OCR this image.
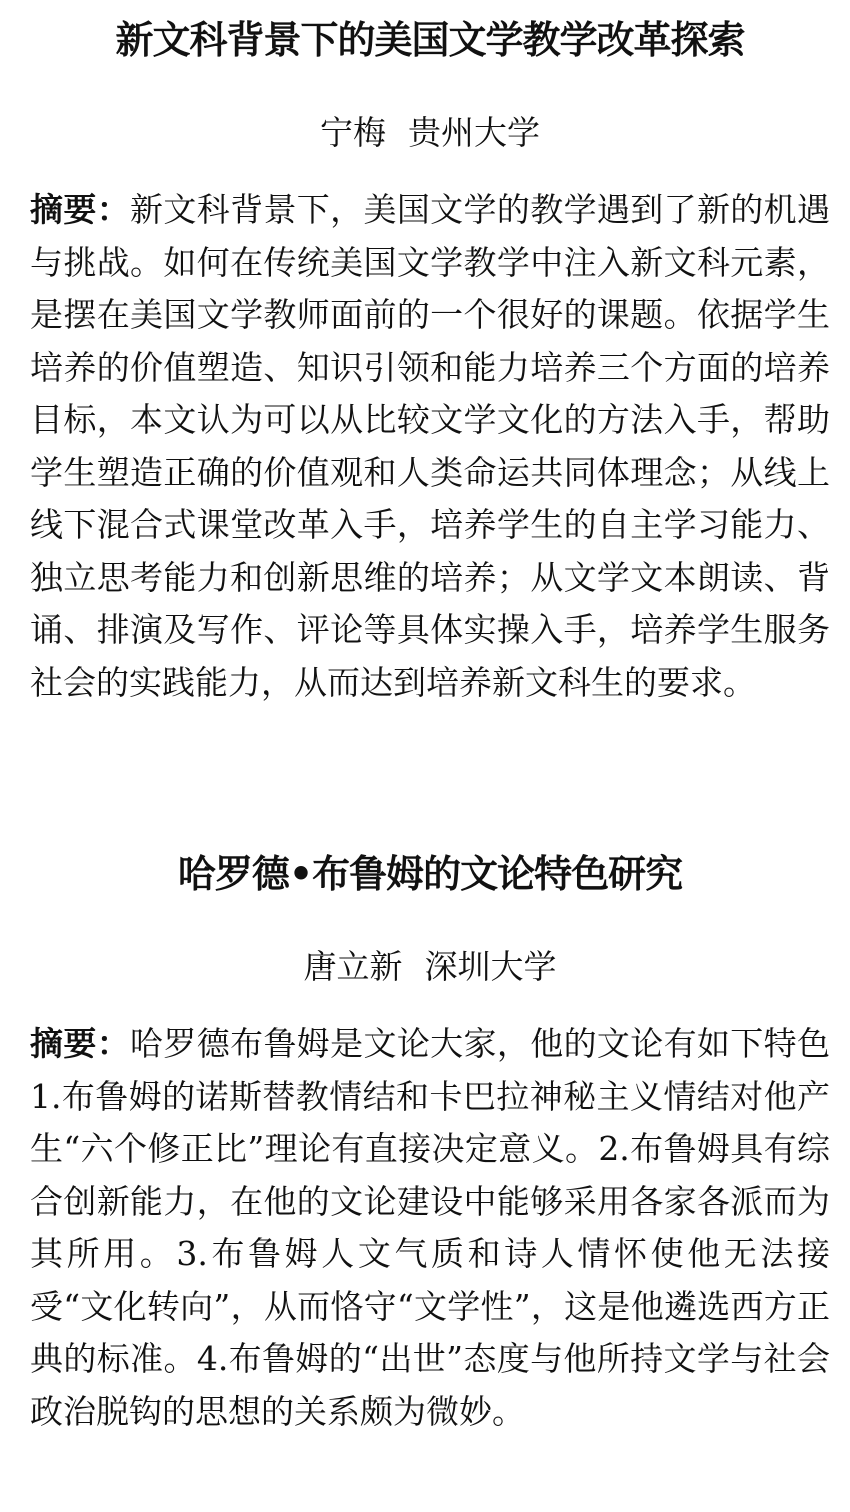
新文科背景下的美国文学教学改革探索

宁梅 贵州大学

摘要：新文科背景下，美国文学的教学遇到了新的机遇与挑战。如何在传统美国文学教学中注入新文科元素，是摆在美国文学教师面前的一个很好的课题。依据学生培养的价值塑造、知识引领和能力培养三个方面的培养目标，本文认为可以从比较文学文化的方法入手，帮助学生塑造正确的价值观和人类命运共同体理念；从线上线下混合式课堂改革入手，培养学生的自主学习能力、独立思考能力和创新思维的培养；从文学文本朗读、背诵、排演及写作、评论等具体实操入手，培养学生服务社会的实践能力，从而达到培养新文科生的要求。

哈罗德•布鲁姆的文论特色研究

唐立新 深圳大学

摘要：哈罗德布鲁姆是文论大家，他的文论有如下特色 1.布鲁姆的诺斯替教情结和卡巴拉神秘主义情结对他产生“六个修正比”理论有直接决定意义。2.布鲁姆具有综合创新能力，在他的文论建设中能够采用各家各派而为其所用。3.布鲁姆人文气质和诗人情怀使他无法接受“文化转向”，从而恪守“文学性”，这是他遴选西方正典的标准。4.布鲁姆的“出世”态度与他所持文学与社会政治脱钩的思想的关系颇为微妙。
